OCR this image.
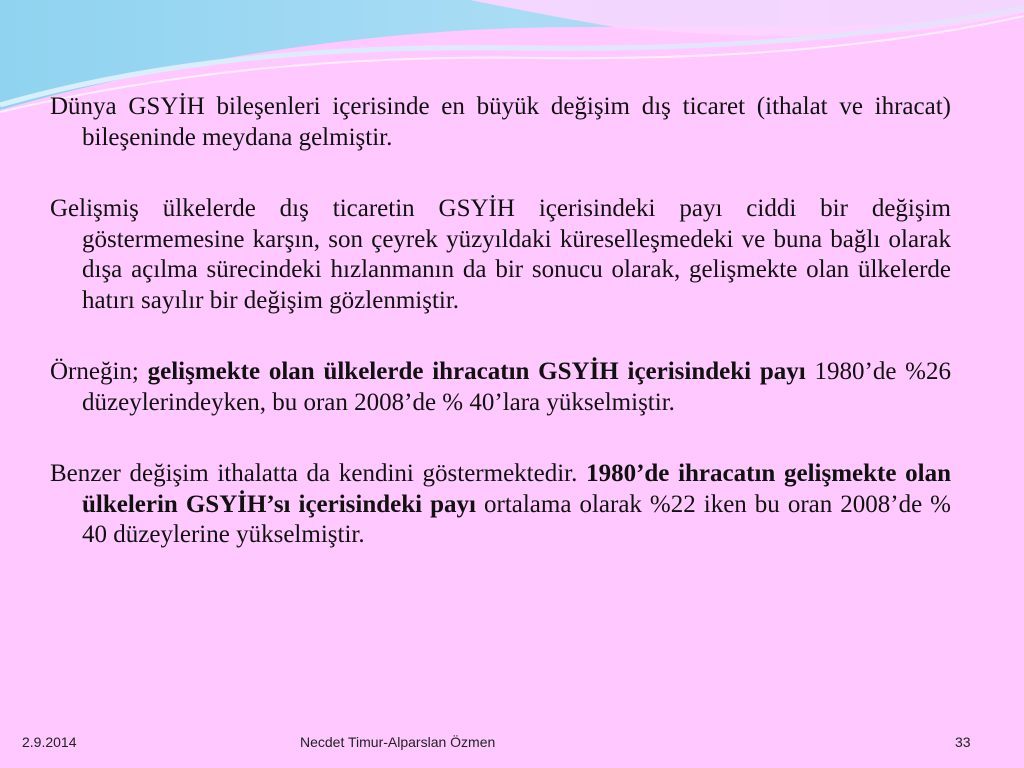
Dünya GSYİH bileşenleri içerisinde en büyük değişim dış ticaret (ithalat ve ihracat) bileşeninde meydana gelmiştir.

Gelişmiş ülkelerde dış ticaretin GSYİH içerisindeki payı ciddi bir değişim göstermemesine karşın, son çeyrek yüzyıldaki küreselleşmedeki ve buna bağlı olarak dışa açılma sürecindeki hızlanmanın da bir sonucu olarak, gelişmekte olan ülkelerde hatırı sayılır bir değişim gözlenmiştir.

Örneğin; gelişmekte olan ülkelerde ihracatın GSYİH içerisindeki payı 1980’de %26 düzeylerindeyken, bu oran 2008’de % 40’lara yükselmiştir.

Benzer değişim ithalatta da kendini göstermektedir. 1980’de ihracatın gelişmekte olan ülkelerin GSYİH’sı içerisindeki payı ortalama olarak %22 iken bu oran 2008’de % 40 düzeylerine yükselmiştir.

2.9.2014	Necdet Timur-Alparslan Özmen	33
